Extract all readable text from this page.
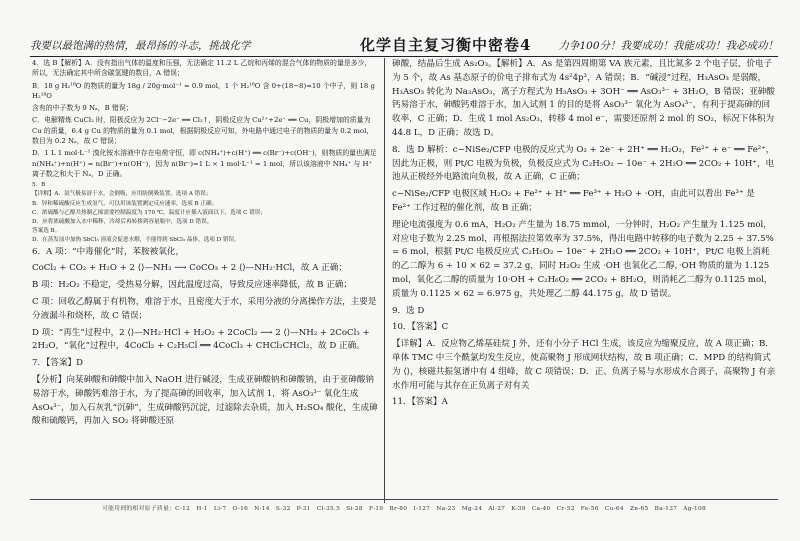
我要以最饱满的热情，最昂扬的斗志，挑战化学	化学自主复习衡中密卷4	力争100分！我要成功！我能成功！我必成功！

4．选 B【解析】A．没有指出气体的温度和压强，无法确定 11.2 L 乙烷和丙烯的混合气体的物质的量是多少，所以，无法确定其中所含碳氢键的数目，A 错误；

B．18 g H₂¹⁸O 的物质的量为 18g / 20g·mol⁻¹ = 0.9 mol，1 个 H₂¹⁸O 含 0+(18−8)=10 个中子，则 18 g H₂¹⁸O

含有的中子数为 9 Nₐ，B 错误；

C．电解精炼 CuCl₂ 时，阳极反应为 2Cl⁻−2e⁻ ══ Cl₂↑，阴极反应为 Cu²⁺+2e⁻ ══ Cu，阴极增加的质量为 Cu 的质量，6.4 g Cu 的物质的量为 0.1 mol，根据阴极反应可知，外电路中通过电子的物质的量为 0.2 mol，数目为 0.2 Nₐ，故 C 错误；

D．1 L 1 mol·L⁻¹ 溴化铵水溶液中存在电荷守恒，即 c(NH₄⁺)+c(H⁺) ══ c(Br⁻)+c(OH⁻)，则物质的量也满足 n(NH₄⁺)+n(H⁺) = n(Br⁻)+n(OH⁻)，因为 n(Br⁻)=1 L × 1 mol·L⁻¹ = 1 mol，所以该溶液中 NH₄⁺ 与 H⁺ 离子数之和大于 Nₐ，D 正确。

5．B

【详解】A．氨气极易溶于水，会倒吸，应用防倒吸装置，选项 A 错误；

B．锌和稀硫酸反应生成氢气，可以用该装置测定反应速率，选项 B 正确；

C．浓硫酸与乙醇共热制乙烯需要控制温度为 170 ℃，温度计应插入液面以下，选项 C 错误；

D．应将浓硫酸加入水中稀释，冷却后再转移到容量瓶中，选项 D 错误。

答案选 B。

D．在蒸发皿中加热 SbCl₃ 溶液会促进水解，不能得到 SbCl₃ 晶体，选项 D 错误。

6．A 项：“中毒催化”时，苯胺被氧化，

CoCl₂ + CO₂ + H₂O + 2 ⟨⟩—NH₂ ⟶ CoCO₃ + 2 ⟨⟩—NH₂·HCl，故 A 正确；

B 项：H₂O₂ 不稳定，受热易分解，因此温度过高，导致反应速率降低，故 B 正确；

C 项：回收乙醇属于有机物，难溶于水，且密度大于水，采用分液的分离操作方法，主要是分液漏斗和烧杯，故 C 错误；

D 项：“再生”过程中，2 ⟨⟩—NH₂·HCl + H₂O₂ + 2CoCl₂ ⟶ 2 ⟨⟩—NH₂ + 2CoCl₃ + 2H₂O，“氧化”过程中，4CoCl₂ + C₂H₅Cl ══ 4CoCl₃ + CHCl₂CHCl₂，故 D 正确。

7．【答案】D

【分析】向某砷酸和砷酸中加入 NaOH 进行碱浸，生成亚砷酸钠和砷酸钠，由于亚砷酸钠易溶于水，砷酸钙难溶于水，为了提高砷的回收率，加入试剂 1，将 AsO₃³⁻ 氧化生成 AsO₄³⁻，加入石灰乳“沉砷”，生成砷酸钙沉淀，过滤除去杂质，加入 H₂SO₄ 酸化，生成砷酸和硫酸钙，再加入 SO₂ 将砷酸还原

砷酸，结晶后生成 As₂O₃。【解析】A．As 是第四周期第 VA 族元素，且比氮多 2 个电子层，价电子为 5 个，故 As 基态原子的价电子排布式为 4s²4p³，A 错误；B．“碱浸”过程，H₃AsO₃ 是弱酸，H₃AsO₃ 转化为 Na₃AsO₃，离子方程式为 H₃AsO₃ + 3OH⁻ ══ AsO₃³⁻ + 3H₂O，B 错误；亚砷酸钙易溶于水，砷酸钙难溶于水，加入试剂 1 的目的是将 AsO₃³⁻ 氧化为 AsO₄³⁻，有利于提高砷的回收率，C 正确；D．生成 1 mol As₂O₃，转移 4 mol e⁻，需要还原剂 2 mol 的 SO₂，标况下体积为 44.8 L，D 正确；故选 D。

8．选 D 解析：c−NiSe₂/CFP 电极的反应式为 O₂ + 2e⁻ + 2H⁺ ══ H₂O₂，Fe²⁺ + e⁻ ══ Fe²⁺，因此为正极，则 Pt/C 电极为负极，负极反应式为 C₂H₅O₂ − 10e⁻ + 2H₂O ══ 2CO₂ + 10H⁺，电池从正极经外电路流向负极，故 A 正确，C 正确；

c−NiSe₂/CFP 电极区域 H₂O₂ + Fe²⁺ + H⁺ ══ Fe³⁺ + H₂O + ·OH，由此可以看出 Fe³⁺ 是 Fe²⁺ 工作过程的催化剂，故 B 正确；

理论电流强度为 0.6 mA，H₂O₂ 产生量为 18.75 mmol，一分钟时，H₂O₂ 产生量为 1.125 mol，对应电子数为 2.25 mol，再根据法拉第效率为 37.5%，得出电路中转移的电子数为 2.25 ÷ 37.5% = 6 mol，根据 Pt/C 电极反应式 C₂H₅O₂ − 10e⁻ + 2H₂O ══ 2CO₂ + 10H⁺，Pt/C 电极上消耗的乙二醇为 6 ÷ 10 × 62 = 37.2 g，同时 H₂O₂ 生成 ·OH 也氧化乙二醇，·OH 物质的量为 1.125 mol，氧化乙二醇的质量为 10·OH + C₂H₆O₂ ══ 2CO₂ + 8H₂O，则消耗乙二醇为 0.1125 mol，质量为 0.1125 × 62 = 6.975 g，共处理乙二醇 44.175 g，故 D 错误。

9．选 D

10．【答案】C

【详解】A．反应物乙烯基硅烷 J 外，还有小分子 HCl 生成，该反应为缩聚反应，故 A 项正确；B．单体 TMC 中三个酰氯均发生反应，使高聚物 J 形成网状结构，故 B 项正确；C．MPD 的结构简式为 ⟨⟩，核磁共振氢谱中有 4 组峰，故 C 项错误；D．正、负离子易与水形成水合离子，高聚物 J 有亲水作用可能与其存在正负离子对有关

11．【答案】A

可能用到的相对原子质量：C-12　H-1　Li-7　O-16　N-14　S-32　P-31　Cl-35.5　Si-28　F-19　Br-80　I-127　Na-23　Mg-24　Al-27　K-39　Ca-40　Cr-52　Fe-56　Cu-64　Zn-65　Ba-137　Ag-108
